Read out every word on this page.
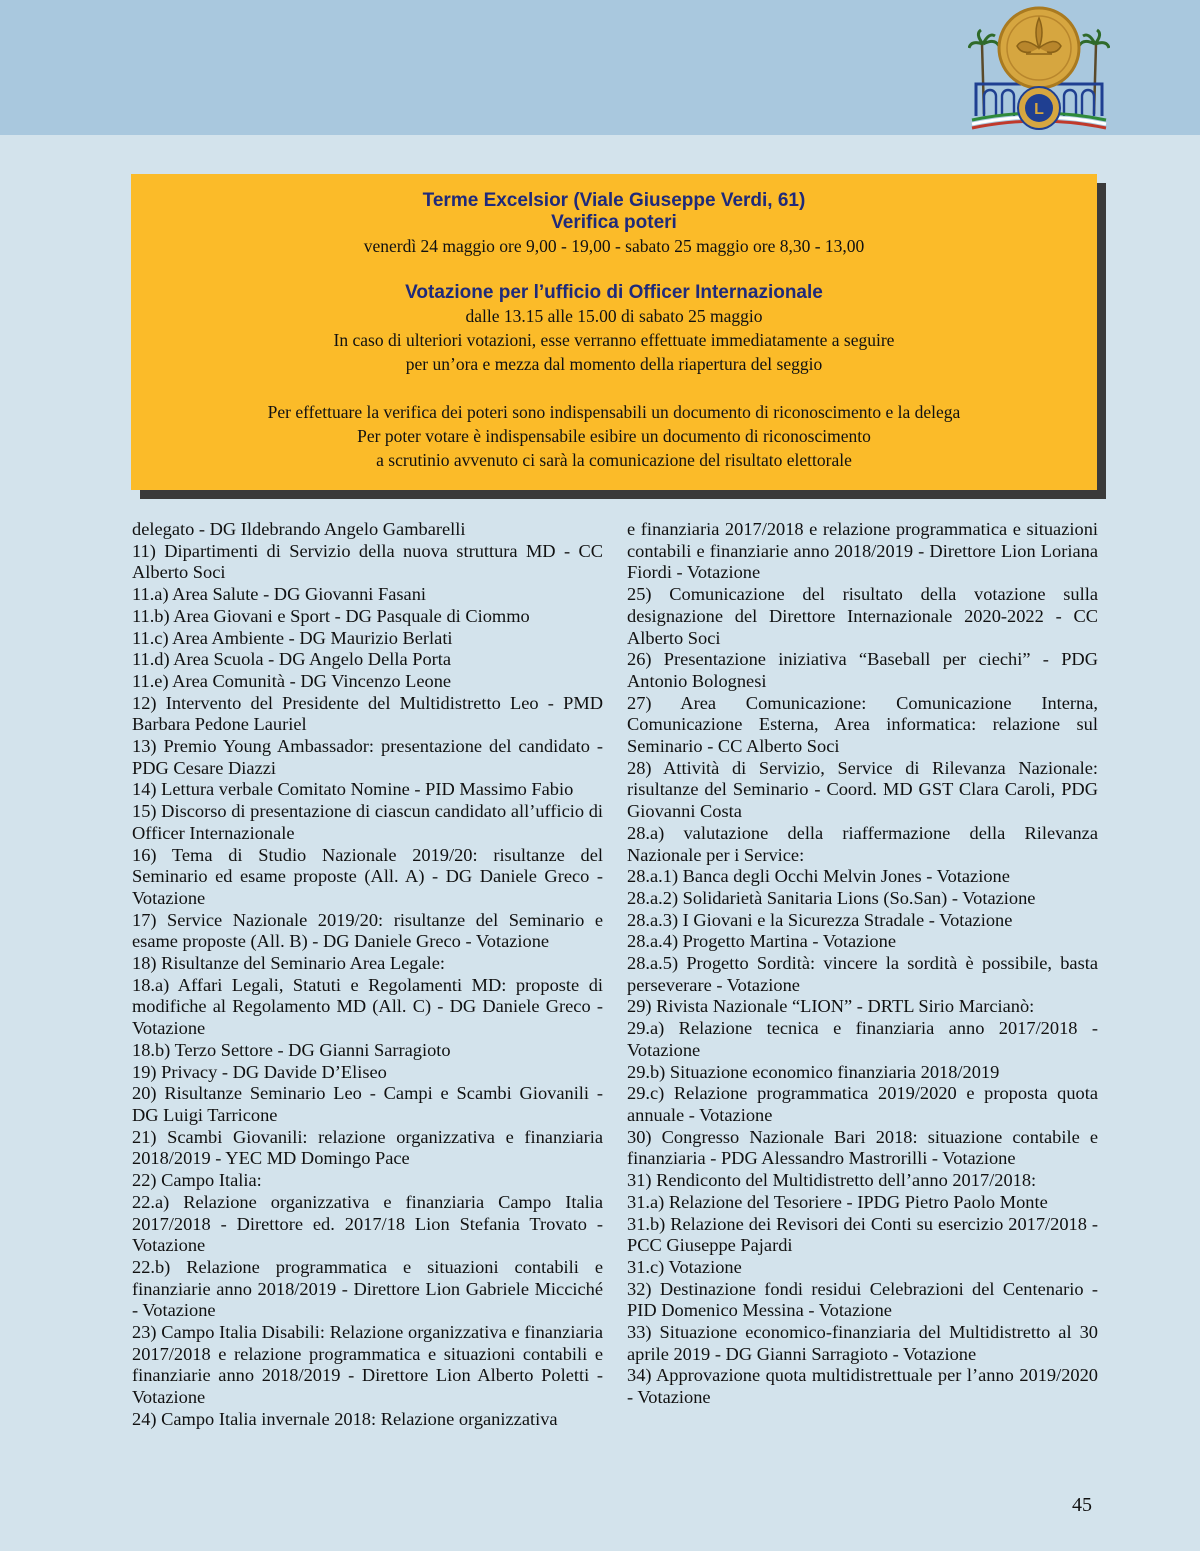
L
Terme Excelsior (Viale Giuseppe Verdi, 61)
Verifica poteri
venerdì 24 maggio ore 9,00 - 19,00 - sabato 25 maggio ore 8,30 - 13,00
Votazione per l’ufficio di Officer Internazionale
dalle 13.15 alle 15.00 di sabato 25 maggio
In caso di ulteriori votazioni, esse verranno effettuate immediatamente a seguire
per un’ora e mezza dal momento della riapertura del seggio
Per effettuare la verifica dei poteri sono indispensabili un documento di riconoscimento e la delega
Per poter votare è indispensabile esibire un documento di riconoscimento
a scrutinio avvenuto ci sarà la comunicazione del risultato elettorale

delegato - DG Ildebrando Angelo Gambarelli

11) Dipartimenti di Servizio della nuova struttura MD - CC Alberto Soci

11.a) Area Salute - DG Giovanni Fasani

11.b) Area Giovani e Sport - DG Pasquale di Ciommo

11.c) Area Ambiente - DG Maurizio Berlati

11.d) Area Scuola - DG Angelo Della Porta

11.e) Area Comunità - DG Vincenzo Leone

12) Intervento del Presidente del Multidistretto Leo - PMD Barbara Pedone Lauriel

13) Premio Young Ambassador: presentazione del candidato - PDG Cesare Diazzi

14) Lettura verbale Comitato Nomine - PID Massimo Fabio

15) Discorso di presentazione di ciascun candidato all’ufficio di Officer Internazionale

16) Tema di Studio Nazionale 2019/20: risultanze del Seminario ed esame proposte (All. A) - DG Daniele Greco - Votazione

17) Service Nazionale 2019/20: risultanze del Seminario e esame proposte (All. B) - DG Daniele Greco - Votazione

18) Risultanze del Seminario Area Legale:

18.a) Affari Legali, Statuti e Regolamenti MD: proposte di modifiche al Regolamento MD (All. C) - DG Daniele Greco - Votazione

18.b) Terzo Settore - DG Gianni Sarragioto

19) Privacy - DG Davide D’Eliseo

20) Risultanze Seminario Leo - Campi e Scambi Giovanili - DG Luigi Tarricone

21) Scambi Giovanili: relazione organizzativa e finanziaria 2018/2019 - YEC MD Domingo Pace

22) Campo Italia:

22.a) Relazione organizzativa e finanziaria Campo Italia 2017/2018 - Direttore ed. 2017/18 Lion Stefania Trovato - Votazione

22.b) Relazione programmatica e situazioni contabili e finanziarie anno 2018/2019 - Direttore Lion Gabriele Micciché - Votazione

23) Campo Italia Disabili: Relazione organizzativa e finanziaria 2017/2018 e relazione programmatica e situazioni contabili e finanziarie anno 2018/2019 - Direttore Lion Alberto Poletti - Votazione

24) Campo Italia invernale 2018: Relazione organizzativa

e finanziaria 2017/2018 e relazione programmatica e situazioni contabili e finanziarie anno 2018/2019 - Direttore Lion Loriana Fiordi - Votazione

25) Comunicazione del risultato della votazione sulla designazione del Direttore Internazionale 2020-2022 - CC Alberto Soci

26) Presentazione iniziativa “Baseball per ciechi” - PDG Antonio Bolognesi

27) Area Comunicazione: Comunicazione Interna, Comunicazione Esterna, Area informatica: relazione sul Seminario - CC Alberto Soci

28) Attività di Servizio, Service di Rilevanza Nazionale: risultanze del Seminario - Coord. MD GST Clara Caroli, PDG Giovanni Costa

28.a) valutazione della riaffermazione della Rilevanza Nazionale per i Service:

28.a.1) Banca degli Occhi Melvin Jones - Votazione

28.a.2) Solidarietà Sanitaria Lions (So.San) - Votazione

28.a.3) I Giovani e la Sicurezza Stradale - Votazione

28.a.4) Progetto Martina - Votazione

28.a.5) Progetto Sordità: vincere la sordità è possibile, basta perseverare - Votazione

29) Rivista Nazionale “LION” - DRTL Sirio Marcianò:

29.a) Relazione tecnica e finanziaria anno 2017/2018 - Votazione

29.b) Situazione economico finanziaria 2018/2019

29.c) Relazione programmatica 2019/2020 e proposta quota annuale - Votazione

30) Congresso Nazionale Bari 2018: situazione contabile e finanziaria - PDG Alessandro Mastrorilli - Votazione

31) Rendiconto del Multidistretto dell’anno 2017/2018:

31.a) Relazione del Tesoriere - IPDG Pietro Paolo Monte

31.b) Relazione dei Revisori dei Conti su esercizio 2017/2018 - PCC Giuseppe Pajardi

31.c) Votazione

32) Destinazione fondi residui Celebrazioni del Centenario - PID Domenico Messina - Votazione

33) Situazione economico-finanziaria del Multidistretto al 30 aprile 2019 - DG Gianni Sarragioto - Votazione

34) Approvazione quota multidistrettuale per l’anno 2019/2020 - Votazione

45
